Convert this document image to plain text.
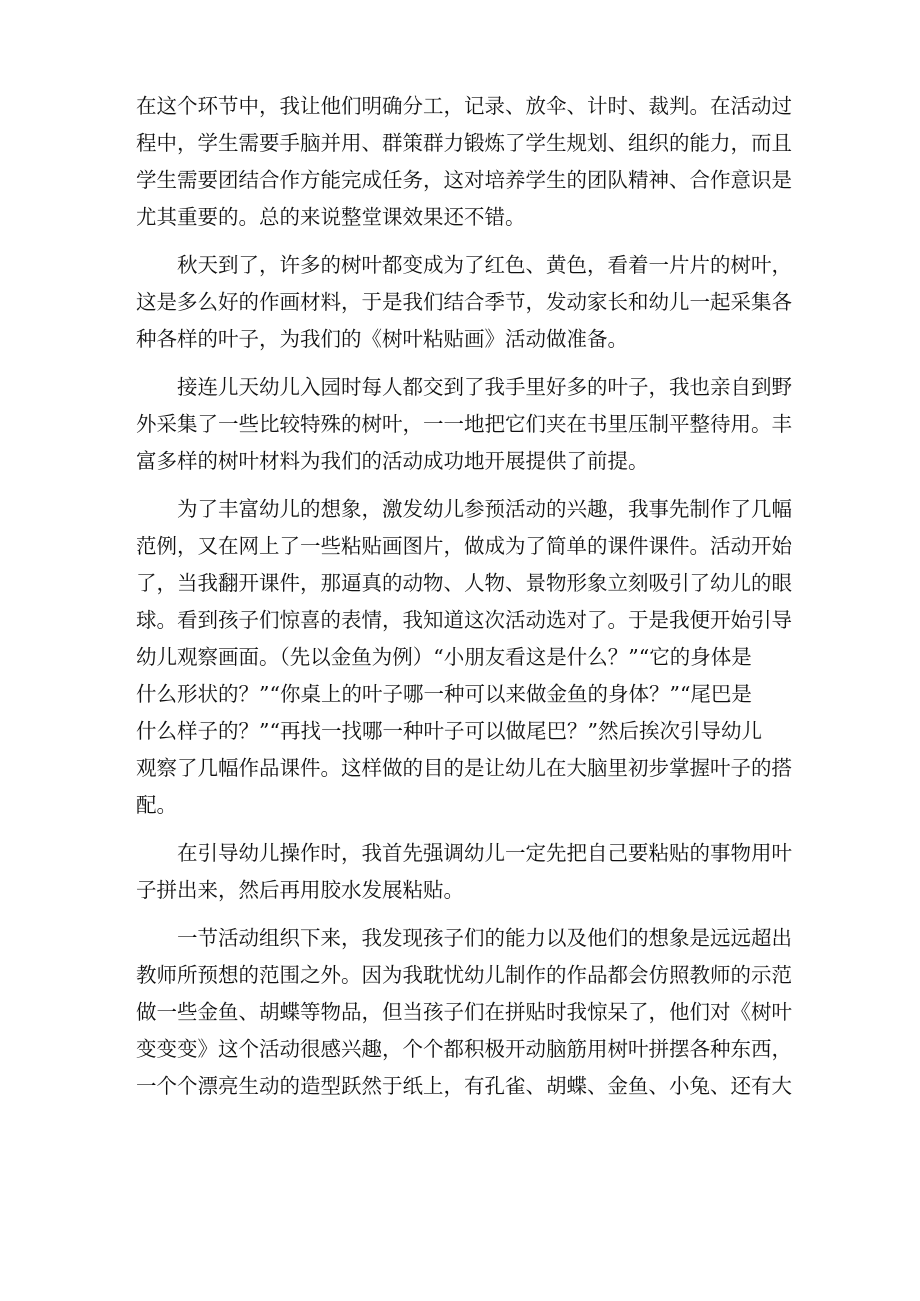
在这个环节中，我让他们明确分工，记录、放伞、计时、裁判。在活动过

程中，学生需要手脑并用、群策群力锻炼了学生规划、组织的能力，而且

学生需要团结合作方能完成任务，这对培养学生的团队精神、合作意识是

尤其重要的。总的来说整堂课效果还不错。

秋天到了，许多的树叶都变成为了红色、黄色，看着一片片的树叶，

这是多么好的作画材料，于是我们结合季节，发动家长和幼儿一起采集各

种各样的叶子，为我们的《树叶粘贴画》活动做准备。

接连儿天幼儿入园时每人都交到了我手里好多的叶子，我也亲自到野

外采集了一些比较特殊的树叶，一一地把它们夹在书里压制平整待用。丰

富多样的树叶材料为我们的活动成功地开展提供了前提。

为了丰富幼儿的想象，激发幼儿参预活动的兴趣，我事先制作了几幅

范例，又在网上了一些粘贴画图片，做成为了简单的课件课件。活动开始

了，当我翻开课件，那逼真的动物、人物、景物形象立刻吸引了幼儿的眼

球。看到孩子们惊喜的表情，我知道这次活动选对了。于是我便开始引导

幼儿观察画面。（先以金鱼为例）“小朋友看这是什么？”“它的身体是

什么形状的？”“你桌上的叶子哪一种可以来做金鱼的身体？”“尾巴是

什么样子的？”“再找一找哪一种叶子可以做尾巴？”然后挨次引导幼儿

观察了几幅作品课件。这样做的目的是让幼儿在大脑里初步掌握叶子的搭

配。

在引导幼儿操作时，我首先强调幼儿一定先把自己要粘贴的事物用叶

子拼出来，然后再用胶水发展粘贴。

一节活动组织下来，我发现孩子们的能力以及他们的想象是远远超出

教师所预想的范围之外。因为我耽忧幼儿制作的作品都会仿照教师的示范

做一些金鱼、胡蝶等物品，但当孩子们在拼贴时我惊呆了，他们对《树叶

变变变》这个活动很感兴趣，个个都积极开动脑筋用树叶拼摆各种东西，

一个个漂亮生动的造型跃然于纸上，有孔雀、胡蝶、金鱼、小兔、还有大
